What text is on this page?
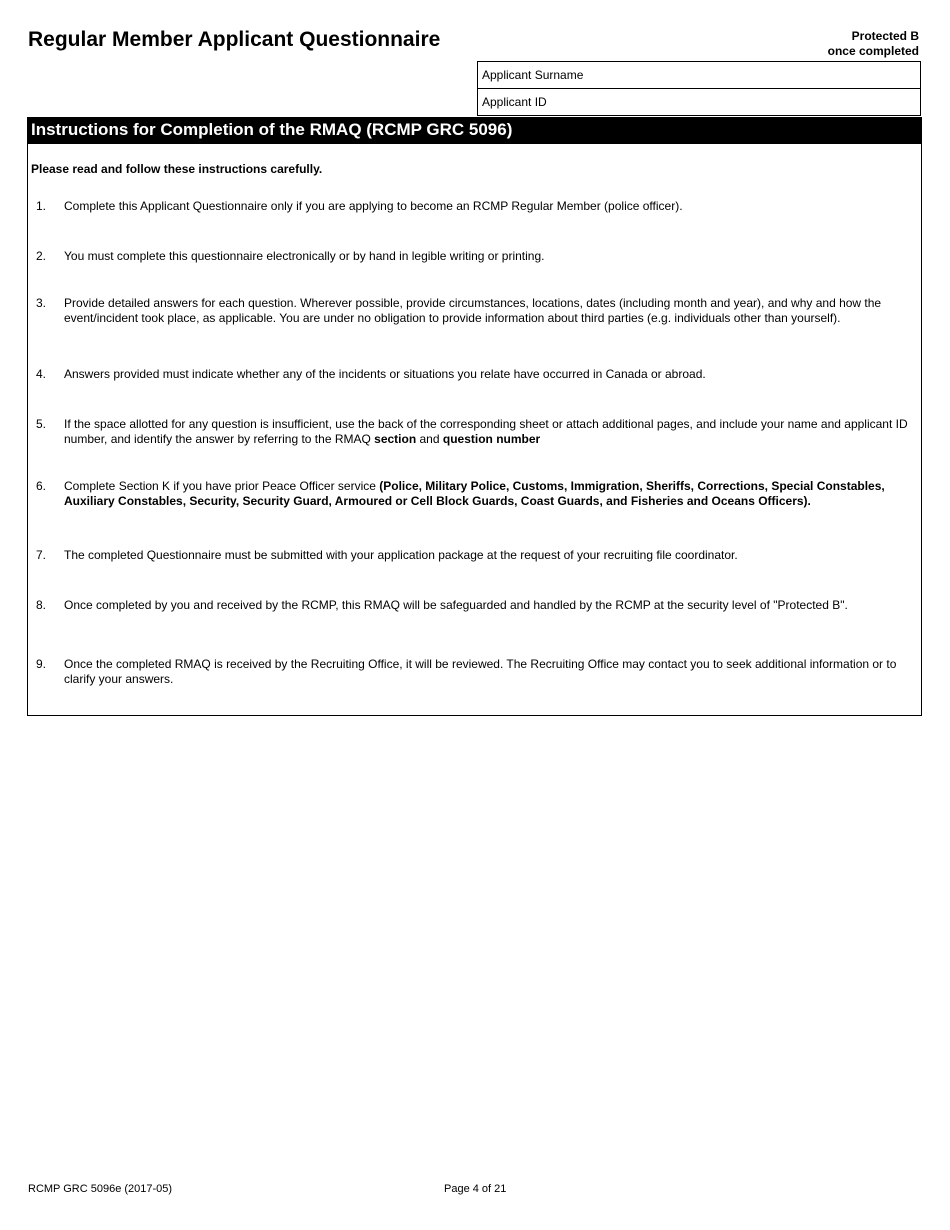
Regular Member Applicant Questionnaire	Protected B
once completed
Applicant Surname
Applicant ID
Instructions for Completion of the RMAQ (RCMP GRC 5096)
Please read and follow these instructions carefully.
1. Complete this Applicant Questionnaire only if you are applying to become an RCMP Regular Member (police officer).
2. You must complete this questionnaire electronically or by hand in legible writing or printing.
3. Provide detailed answers for each question. Wherever possible, provide circumstances, locations, dates (including month and year), and why and how the event/incident took place, as applicable. You are under no obligation to provide information about third parties (e.g. individuals other than yourself).
4. Answers provided must indicate whether any of the incidents or situations you relate have occurred in Canada or abroad.
5. If the space allotted for any question is insufficient, use the back of the corresponding sheet or attach additional pages, and include your name and applicant ID number, and identify the answer by referring to the RMAQ section and question number
6. Complete Section K if you have prior Peace Officer service (Police, Military Police, Customs, Immigration, Sheriffs, Corrections, Special Constables, Auxiliary Constables, Security, Security Guard, Armoured or Cell Block Guards, Coast Guards, and Fisheries and Oceans Officers).
7. The completed Questionnaire must be submitted with your application package at the request of your recruiting file coordinator.
8. Once completed by you and received by the RCMP, this RMAQ will be safeguarded and handled by the RCMP at the security level of "Protected B".
9. Once the completed RMAQ is received by the Recruiting Office, it will be reviewed. The Recruiting Office may contact you to seek additional information or to clarify your answers.
RCMP GRC 5096e (2017-05)	Page 4 of 21
